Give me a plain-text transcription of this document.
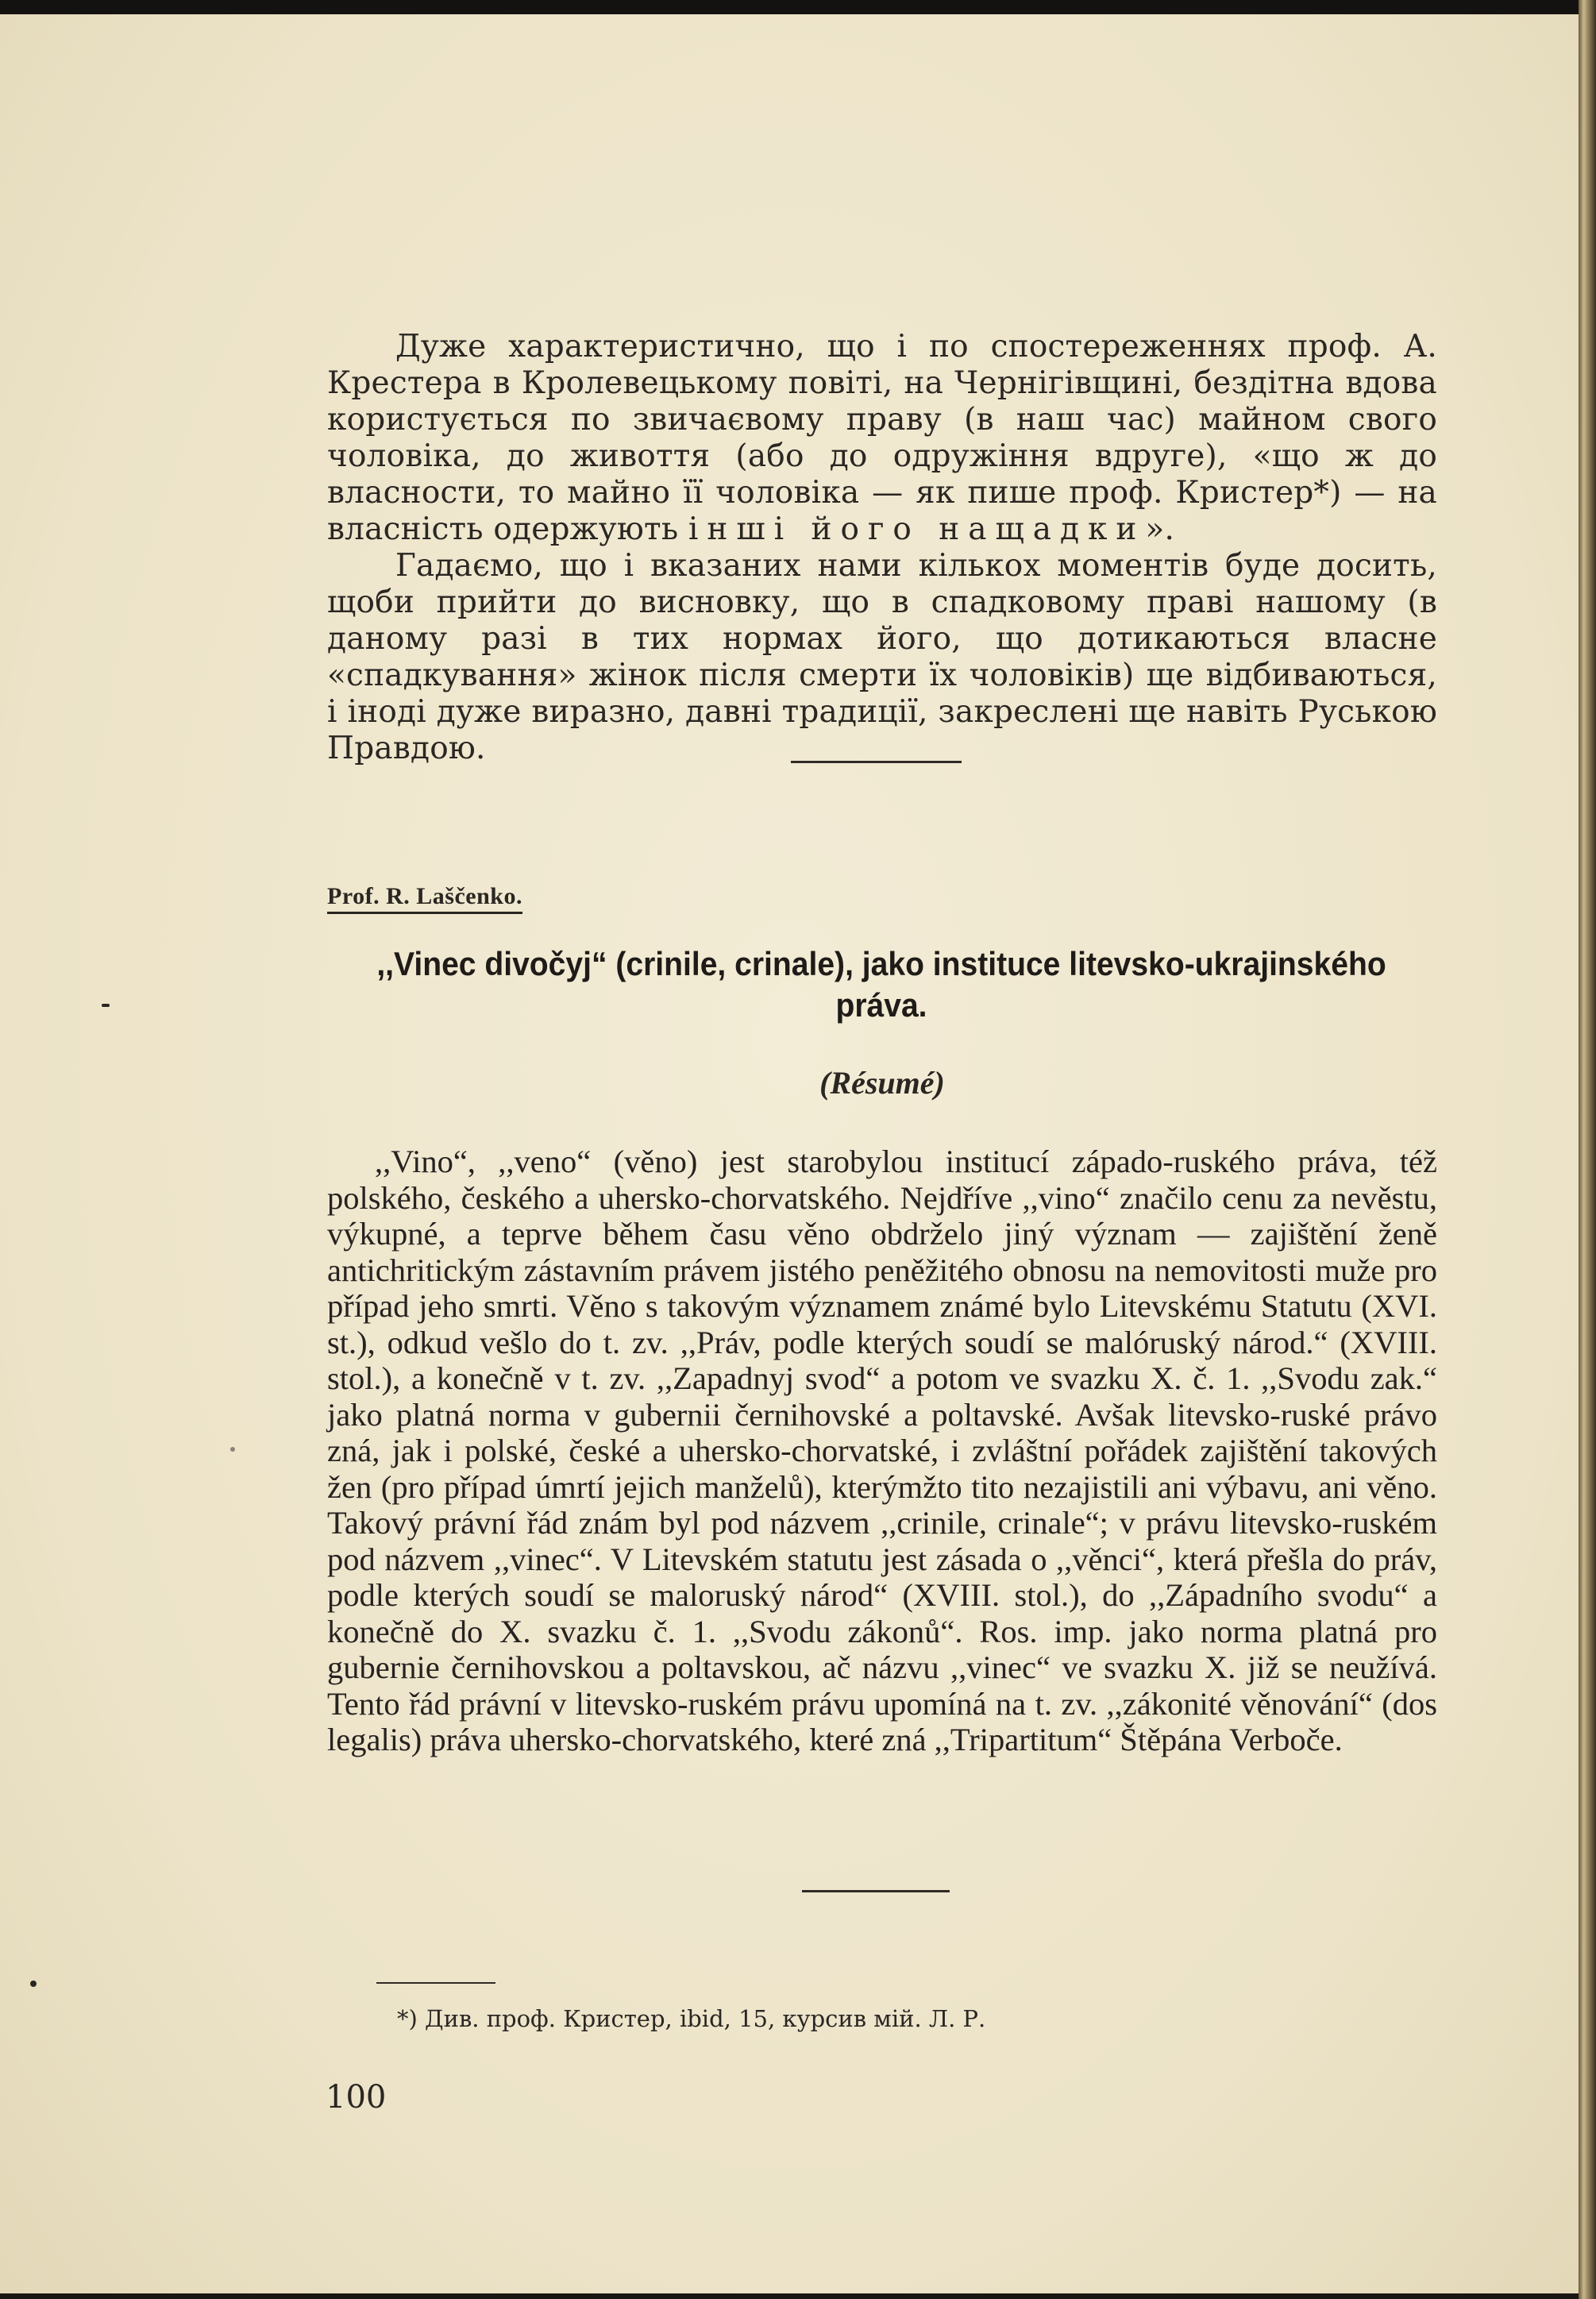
Дуже характеристично, що і по спостереженнях проф. А. Крестера в Кролевецькому повіті, на Чернігівщині, бездітна вдова користується по звичаєвому праву (в наш час) майном свого чоловіка, до живоття (або до одружіння вдруге), «що ж до власности, то майно її чоловіка — як пише проф. Кристер*) — на власність одержують інші його нащадки».

Гадаємо, що і вказаних нами кількох моментів буде досить, щоби прийти до висновку, що в спадковому праві нашому (в даному разі в тих нормах його, що дотикаються власне «спадкування» жінок після смерти їх чоловіків) ще відбиваються, і іноді дуже виразно, давні традиції, закреслені ще навіть Руською Правдою.

Prof. R. Laščenko.
,,Vinec divočyj“ (crinile, crinale), jako instituce litevsko-ukrajinského práva.
(Résumé)

,,Vino“, ,,veno“ (věno) jest starobylou institucí západo-ruského práva, též polského, českého a uhersko-chorvatského. Nejdříve ,,vino“ značilo cenu za nevěstu, výkupné, a teprve během času věno obdrželo jiný význam — zajištění ženě antichritickým zástavním právem jistého peněžitého obnosu na nemovitosti muže pro případ jeho smrti. Věno s takovým významem známé bylo Litevskému Statutu (XVI. st.), odkud vešlo do t. zv. ,,Práv, podle kterých soudí se malóruský národ.“ (XVIII. stol.), a konečně v t. zv. ,,Zapadnyj svod“ a potom ve svazku X. č. 1. ,,Svodu zak.“ jako platná norma v gubernii černihovské a poltavské. Avšak litevsko-ruské právo zná, jak i polské, české a uhersko-chorvatské, i zvláštní pořádek zajištění takových žen (pro případ úmrtí jejich manželů), kterýmžto tito nezajistili ani výbavu, ani věno. Takový právní řád znám byl pod názvem ,,crinile, crinale“; v právu litevsko-ruském pod názvem ,,vinec“. V Litevském statutu jest zásada o ,,věnci“, která přešla do práv, podle kterých soudí se maloruský národ“ (XVIII. stol.), do ,,Západního svodu“ a konečně do X. svazku č. 1. ,,Svodu zákonů“. Ros. imp. jako norma platná pro gubernie černihovskou a poltavskou, ač názvu ,,vinec“ ve svazku X. již se neužívá. Tento řád právní v litevsko-ruském právu upomíná na t. zv. ,,zákonité věnování“ (dos legalis) práva uhersko-chorvatského, které zná ,,Tripartitum“ Štěpána Verboče.

*) Див. проф. Кристер, ibid, 15, курсив мій. Л. Р.
100
